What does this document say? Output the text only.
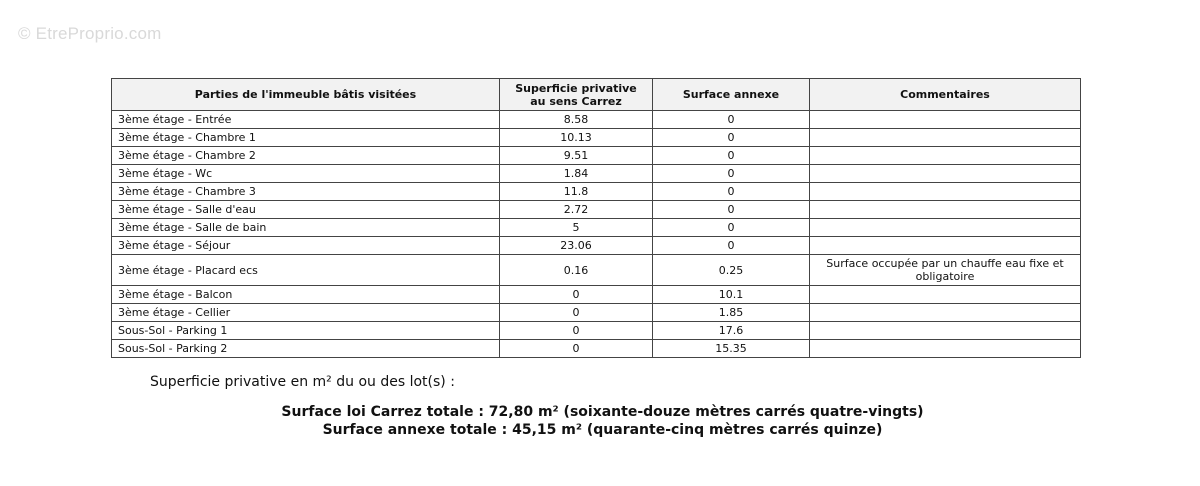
© EtreProprio.com
Parties de l'immeuble bâtis visitées	Superficie privative au sens Carrez	Surface annexe	Commentaires
3ème étage - Entrée	8.58	0	
3ème étage - Chambre 1	10.13	0	
3ème étage - Chambre 2	9.51	0	
3ème étage - Wc	1.84	0	
3ème étage - Chambre 3	11.8	0	
3ème étage - Salle d'eau	2.72	0	
3ème étage - Salle de bain	5	0	
3ème étage - Séjour	23.06	0	
3ème étage - Placard ecs	0.16	0.25	Surface occupée par un chauffe eau fixe et obligatoire
3ème étage - Balcon	0	10.1	
3ème étage - Cellier	0	1.85	
Sous-Sol - Parking 1	0	17.6	
Sous-Sol - Parking 2	0	15.35	
Superficie privative en m² du ou des lot(s) :
Surface loi Carrez totale : 72,80 m² (soixante-douze mètres carrés quatre-vingts)
Surface annexe totale : 45,15 m² (quarante-cinq mètres carrés quinze)
